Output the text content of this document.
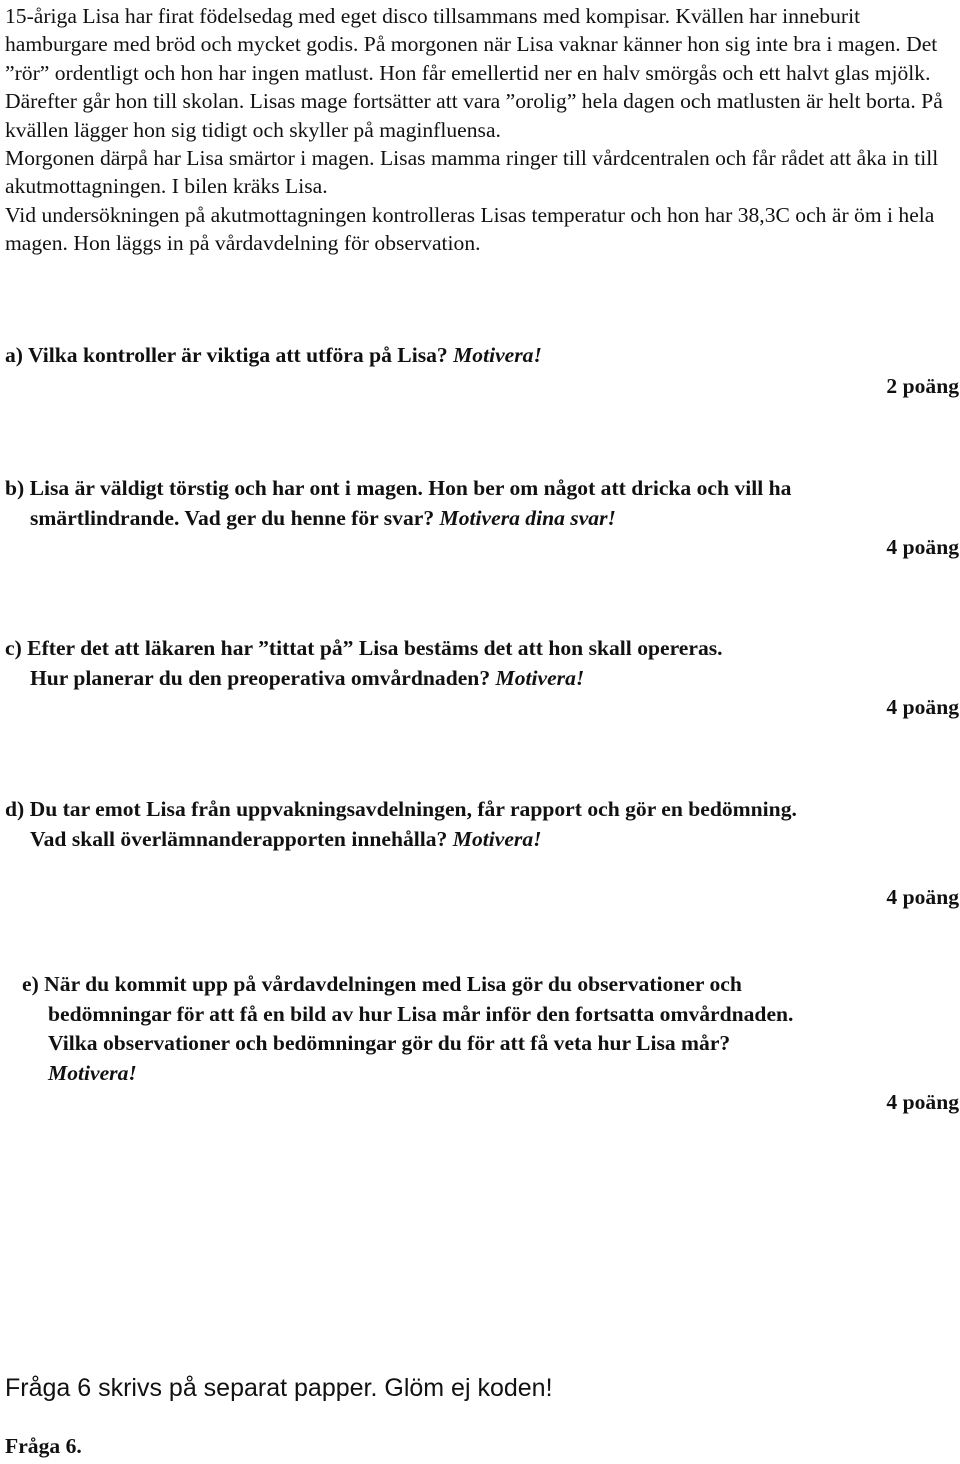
15-åriga Lisa har firat födelsedag med eget disco tillsammans med kompisar. Kvällen har inneburit hamburgare med bröd och mycket godis. På morgonen när Lisa vaknar känner hon sig inte bra i magen. Det ”rör” ordentligt och hon har ingen matlust. Hon får emellertid ner en halv smörgås och ett halvt glas mjölk. Därefter går hon till skolan. Lisas mage fortsätter att vara ”orolig” hela dagen och matlusten är helt borta. På kvällen lägger hon sig tidigt och skyller på maginfluensa.

Morgonen därpå har Lisa smärtor i magen. Lisas mamma ringer till vårdcentralen och får rådet att åka in till akutmottagningen. I bilen kräks Lisa.

Vid undersökningen på akutmottagningen kontrolleras Lisas temperatur och hon har 38,3C och är öm i hela magen. Hon läggs in på vårdavdelning för observation.

a) Vilka kontroller är viktiga att utföra på Lisa? Motivera!
2 poäng
b) Lisa är väldigt törstig och har ont i magen. Hon ber om något att dricka och vill ha
smärtlindrande. Vad ger du henne för svar? Motivera dina svar!
4 poäng
c) Efter det att läkaren har ”tittat på” Lisa bestäms det att hon skall opereras.
Hur planerar du den preoperativa omvårdnaden? Motivera!
4 poäng
d) Du tar emot Lisa från uppvakningsavdelningen, får rapport och gör en bedömning.
Vad skall överlämnanderapporten innehålla? Motivera!
4 poäng
e) När du kommit upp på vårdavdelningen med Lisa gör du observationer och
bedömningar för att få en bild av hur Lisa mår inför den fortsatta omvårdnaden.
Vilka observationer och bedömningar gör du för att få veta hur Lisa mår?
Motivera!
4 poäng
Fråga 6 skrivs på separat papper. Glöm ej koden!
Fråga 6.
